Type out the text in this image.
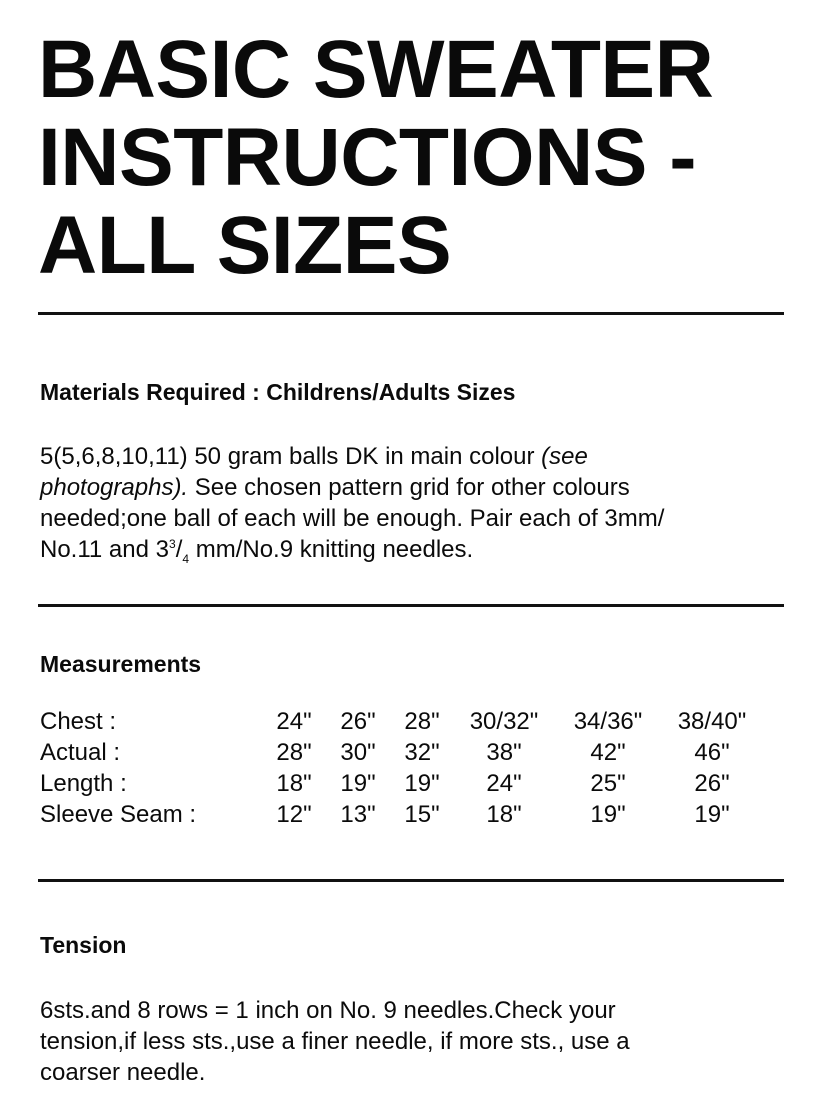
BASIC SWEATER
INSTRUCTIONS -
ALL SIZES
Materials Required : Childrens/Adults Sizes

5(5,6,8,10,11) 50 gram balls DK in main colour (see
photographs). See chosen pattern grid for other colours
needed;one ball of each will be enough. Pair each of 3mm/
No.11 and $3^3/_4$ mm/No.9 knitting needles.

Measurements
Chest :	24"	26"	28"	30/32"	34/36"	38/40"
Actual :	28"	30"	32"	38"	42"	46"
Length :	18"	19"	19"	24"	25"	26"
Sleeve Seam :	12"	13"	15"	18"	19"	19"
Tension

6sts.and 8 rows = 1 inch on No. 9 needles.Check your
tension,if less sts.,use a finer needle, if more sts., use a
coarser needle.
